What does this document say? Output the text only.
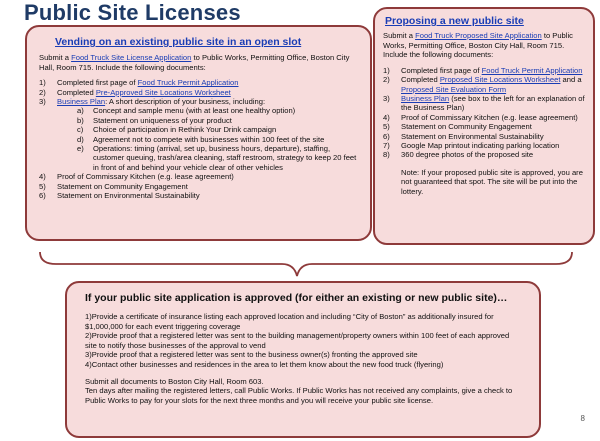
Public Site Licenses
Vending on an existing public site in an open slot
Submit a Food Truck Site License Application to Public Works, Permitting Office, Boston City Hall, Room 715. Include the following documents:
1) Completed first page of Food Truck Permit Application
2) Completed Pre-Approved Site Locations Worksheet
3) Business Plan: A short description of your business, including:
a) Concept and sample menu (with at least one healthy option)
b) Statement on uniqueness of your product
c) Choice of participation in Rethink Your Drink campaign
d) Agreement not to compete with businesses within 100 feet of the site
e) Operations: timing (arrival, set up, business hours, departure), staffing, customer queuing, trash/area cleaning, staff restroom, strategy to keep 20 feet in front of and behind your vehicle clear of other vehicles
4) Proof of Commissary Kitchen (e.g. lease agreement)
5) Statement on Community Engagement
6) Statement on Environmental Sustainability
Proposing a new public site
Submit a Food Truck Proposed Site Application to Public Works, Permitting Office, Boston City Hall, Room 715. Include the following documents:
1) Completed first page of Food Truck Permit Application
2) Completed Proposed Site Locations Worksheet and a Proposed Site Evaluation Form
3) Business Plan (see box to the left for an explanation of the Business Plan)
4) Proof of Commissary Kitchen (e.g. lease agreement)
5) Statement on Community Engagement
6) Statement on Environmental Sustainability
7) Google Map printout indicating parking location
8) 360 degree photos of the proposed site
Note: If your proposed public site is approved, you are not guaranteed that spot. The site will be put into the lottery.
If your public site application is approved (for either an existing or new public site)…
1)Provide a certificate of insurance listing each approved location and including “City of Boston” as additionally insured for $1,000,000 for each event triggering coverage
2)Provide proof that a registered letter was sent to the building management/property owners within 100 feet of each approved site to notify those businesses of the approval to vend
3)Provide proof that a registered letter was sent to the business owner(s) fronting the approved site
4)Contact other businesses and residences in the area to let them know about the new food truck (flyering)
Submit all documents to Boston City Hall, Room 603.
Ten days after mailing the registered letters, call Public Works. If Public Works has not received any complaints, give a check to Public Works to pay for your slots for the next three months and you will receive your public site license.
8
